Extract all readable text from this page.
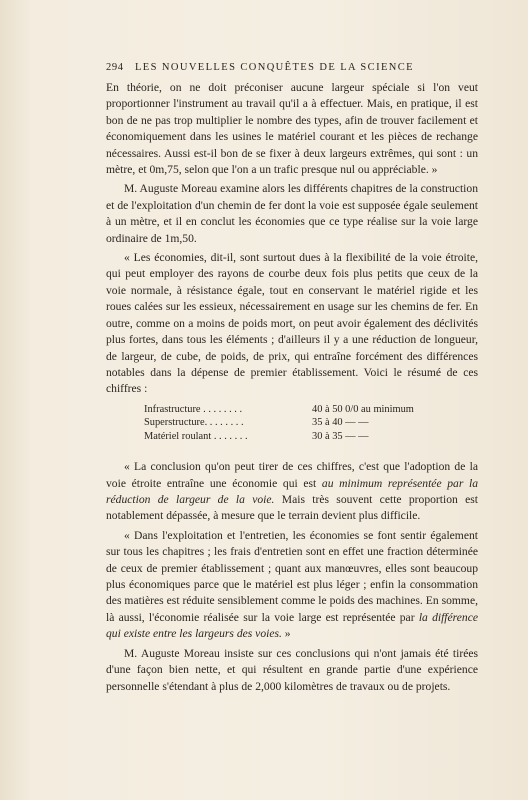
294 LES NOUVELLES CONQUÊTES DE LA SCIENCE

En théorie, on ne doit préconiser aucune largeur spéciale si l'on veut proportionner l'instrument au travail qu'il a à effectuer. Mais, en pratique, il est bon de ne pas trop multiplier le nombre des types, afin de trouver facilement et économiquement dans les usines le matériel courant et les pièces de rechange nécessaires. Aussi est-il bon de se fixer à deux largeurs extrêmes, qui sont : un mètre, et 0m,75, selon que l'on a un trafic presque nul ou appréciable. »

M. Auguste Moreau examine alors les différents chapitres de la construction et de l'exploitation d'un chemin de fer dont la voie est supposée égale seulement à un mètre, et il en conclut les économies que ce type réalise sur la voie large ordinaire de 1m,50.

« Les économies, dit-il, sont surtout dues à la flexibilité de la voie étroite, qui peut employer des rayons de courbe deux fois plus petits que ceux de la voie normale, à résistance égale, tout en conservant le matériel rigide et les roues calées sur les essieux, nécessairement en usage sur les chemins de fer. En outre, comme on a moins de poids mort, on peut avoir également des déclivités plus fortes, dans tous les éléments ; d'ailleurs il y a une réduction de longueur, de largeur, de cube, de poids, de prix, qui entraîne forcément des différences notables dans la dépense de premier établissement. Voici le résumé de ces chiffres :

Infrastructure . . . . . . . .	40 à 50 0/0 au minimum
Superstructure. . . . . . . .	35 à 40 — —
Matériel roulant . . . . . . .	30 à 35 — —

« La conclusion qu'on peut tirer de ces chiffres, c'est que l'adoption de la voie étroite entraîne une économie qui est au minimum représentée par la réduction de largeur de la voie. Mais très souvent cette proportion est notablement dépassée, à mesure que le terrain devient plus difficile.

« Dans l'exploitation et l'entretien, les économies se font sentir également sur tous les chapitres ; les frais d'entretien sont en effet une fraction déterminée de ceux de premier établissement ; quant aux manœuvres, elles sont beaucoup plus économiques parce que le matériel est plus léger ; enfin la consommation des matières est réduite sensiblement comme le poids des machines. En somme, là aussi, l'économie réalisée sur la voie large est représentée par la différence qui existe entre les largeurs des voies. »

M. Auguste Moreau insiste sur ces conclusions qui n'ont jamais été tirées d'une façon bien nette, et qui résultent en grande partie d'une expérience personnelle s'étendant à plus de 2,000 kilomètres de travaux ou de projets.
